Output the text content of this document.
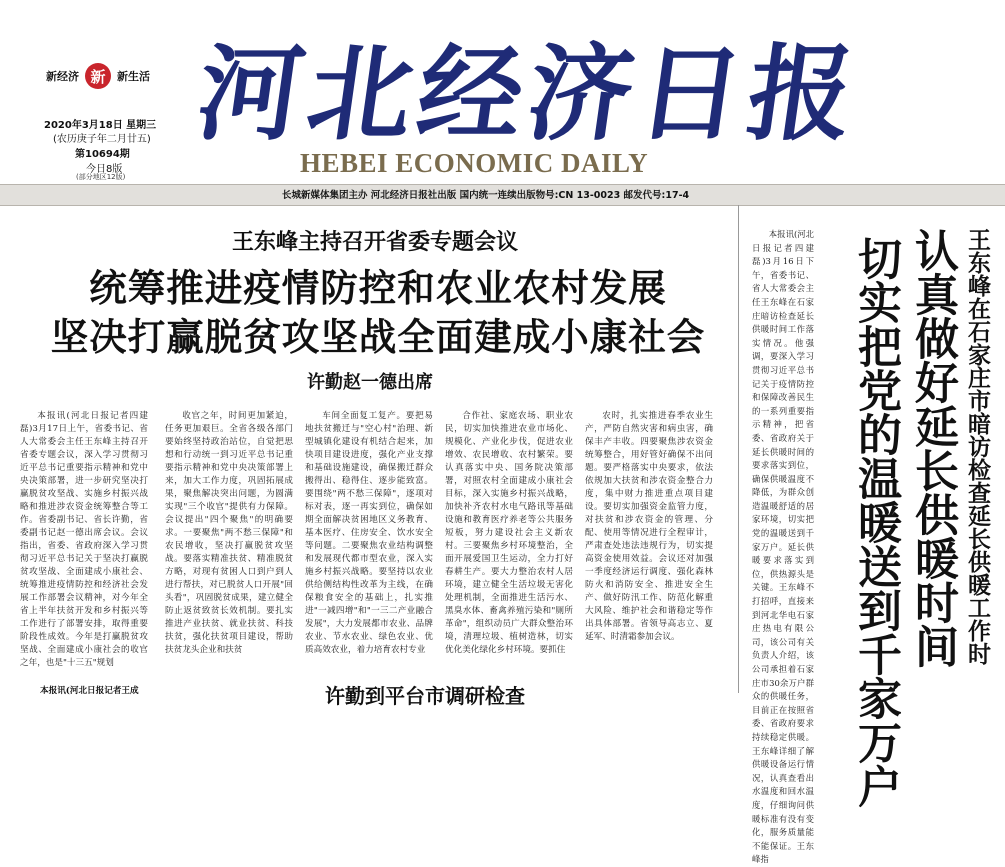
新经济 新	新生活 河北经济日报
HEBEI ECONOMIC DAILY
2020年3月18日 星期三
(农历庚子年二月廿五)
第10694期
今日8版
(部分地区12版)
长城新媒体集团主办 河北经济日报社出版 国内统一连续出版物号:CN 13-0023 邮发代号:17-4
王东峰主持召开省委专题会议
统筹推进疫情防控和农业农村发展
坚决打赢脱贫攻坚战全面建成小康社会
许勤赵一德出席

本报讯(河北日报记者四建磊)3月17日上午，省委书记、省人大常委会主任王东峰主持召开省委专题会议，深入学习贯彻习近平总书记重要指示精神和党中央决策部署，进一步研究坚决打赢脱贫攻坚战、实施乡村振兴战略和推进涉农资金统筹整合等工作。省委副书记、省长许勤，省委副书记赵一德出席会议。会议指出，省委、省政府深入学习贯彻习近平总书记关于坚决打赢脱贫攻坚战、全面建成小康社会、统筹推进疫情防控和经济社会发展工作部署会议精神，对今年全省上半年扶贫开发和乡村振兴等工作进行了部署安排，取得重要阶段性成效。今年是打赢脱贫攻坚战、全面建成小康社会的收官之年，也是"十三五"规划

收官之年，时间更加紧迫，任务更加艰巨。全省各级各部门要始终坚持政治站位，自觉把思想和行动统一到习近平总书记重要指示精神和党中央决策部署上来，加大工作力度，巩固拓展成果，聚焦解决突出问题，为圆满实现"三个收官"提供有力保障。会议提出"四个聚焦"的明确要求。一要聚焦"两不愁三保障"和农民增收，坚决打赢脱贫攻坚战。要落实精准扶贫、精准脱贫方略，对现有贫困人口到户到人进行帮扶，对已脱贫人口开展"回头看"，巩固脱贫成果，建立健全防止返贫致贫长效机制。要扎实推进产业扶贫、就业扶贫、科技扶贫，强化扶贫项目建设，帮助扶贫龙头企业和扶贫

车间全面复工复产。要把易地扶贫搬迁与"空心村"治理、新型城镇化建设有机结合起来，加快项目建设进度，强化产业支撑和基础设施建设，确保搬迁群众搬得出、稳得住、逐步能致富。要围绕"两不愁三保障"，逐项对标对表，逐一再实到位，确保如期全面解决贫困地区义务教育、基本医疗、住房安全、饮水安全等问题。二要聚焦农业结构调整和发展现代都市型农业，深入实施乡村振兴战略。要坚持以农业供给侧结构性改革为主线，在确保粮食安全的基础上，扎实推进"一减四增"和"一三二产业融合发展"，大力发展都市农业、品牌农业、节水农业、绿色农业、优质高效农业，着力培育农村专业

合作社、家庭农场、职业农民，切实加快推进农业市场化、规模化、产业化步伐，促进农业增效、农民增收、农村繁荣。要认真落实中央、国务院决策部署，对照农村全面建成小康社会目标，深入实施乡村振兴战略，加快补齐农村水电气路讯等基础设施和教育医疗养老等公共服务短板，努力建设社会主义新农村。三要聚焦乡村环境整治，全面开展爱国卫生运动，全力打好春耕生产。要大力整治农村人居环境，建立健全生活垃圾无害化处理机制，全面推进生活污水、黑臭水体、畜禽养殖污染和"厕所革命"，组织动员广大群众整治环境，清理垃圾、植树造林，切实优化美化绿化乡村环境。要抓住

农时，扎实推进春季农业生产，严防自然灾害和病虫害，确保丰产丰收。四要聚焦涉农资金统筹整合，用好管好确保不出问题。要严格落实中央要求，依法依规加大扶贫和涉农资金整合力度，集中财力推进重点项目建设。要切实加强资金监管力度，对扶贫和涉农资金的管理、分配、使用等情况进行全程审计，严肃查处违法违规行为，切实提高资金使用效益。会议还对加强一季度经济运行调度、强化森林防火和消防安全、推进安全生产、做好防汛工作、防范化解重大风险、维护社会和谐稳定等作出具体部署。省领导高志立、夏延军、时清霜参加会议。

本报讯(河北日报记者四建磊)3月16日下午，省委书记、省人大常委会主任王东峰在石家庄暗访检查延长供暖时间工作落实情况。他强调，要深入学习贯彻习近平总书记关于疫情防控和保障改善民生的一系列重要指示精神，把省委、省政府关于延长供暖时间的要求落实到位，确保供暖温度不降低，为群众创造温暖舒适的居家环境，切实把党的温暖送到千家万户。延长供暖要求落实到位，供热源头是关键。王东峰不打招呼，直接来到河北华电石家庄热电有限公司，该公司有关负责人介绍，该公司承担着石家庄市30余万户群众的供暖任务，目前正在按照省委、省政府要求持续稳定供暖。王东峰详细了解供暖设备运行情况，认真查看出水温度和回水温度，仔细询问供暖标准有没有变化，服务质量能不能保证。王东峰指

王东峰在石家庄市暗访检查延长供暖工作时
认真做好延长供暖时间
切实把党的温暖送到千家万户
本报讯(河北日报记者王成	许勤到平台市调研检查
